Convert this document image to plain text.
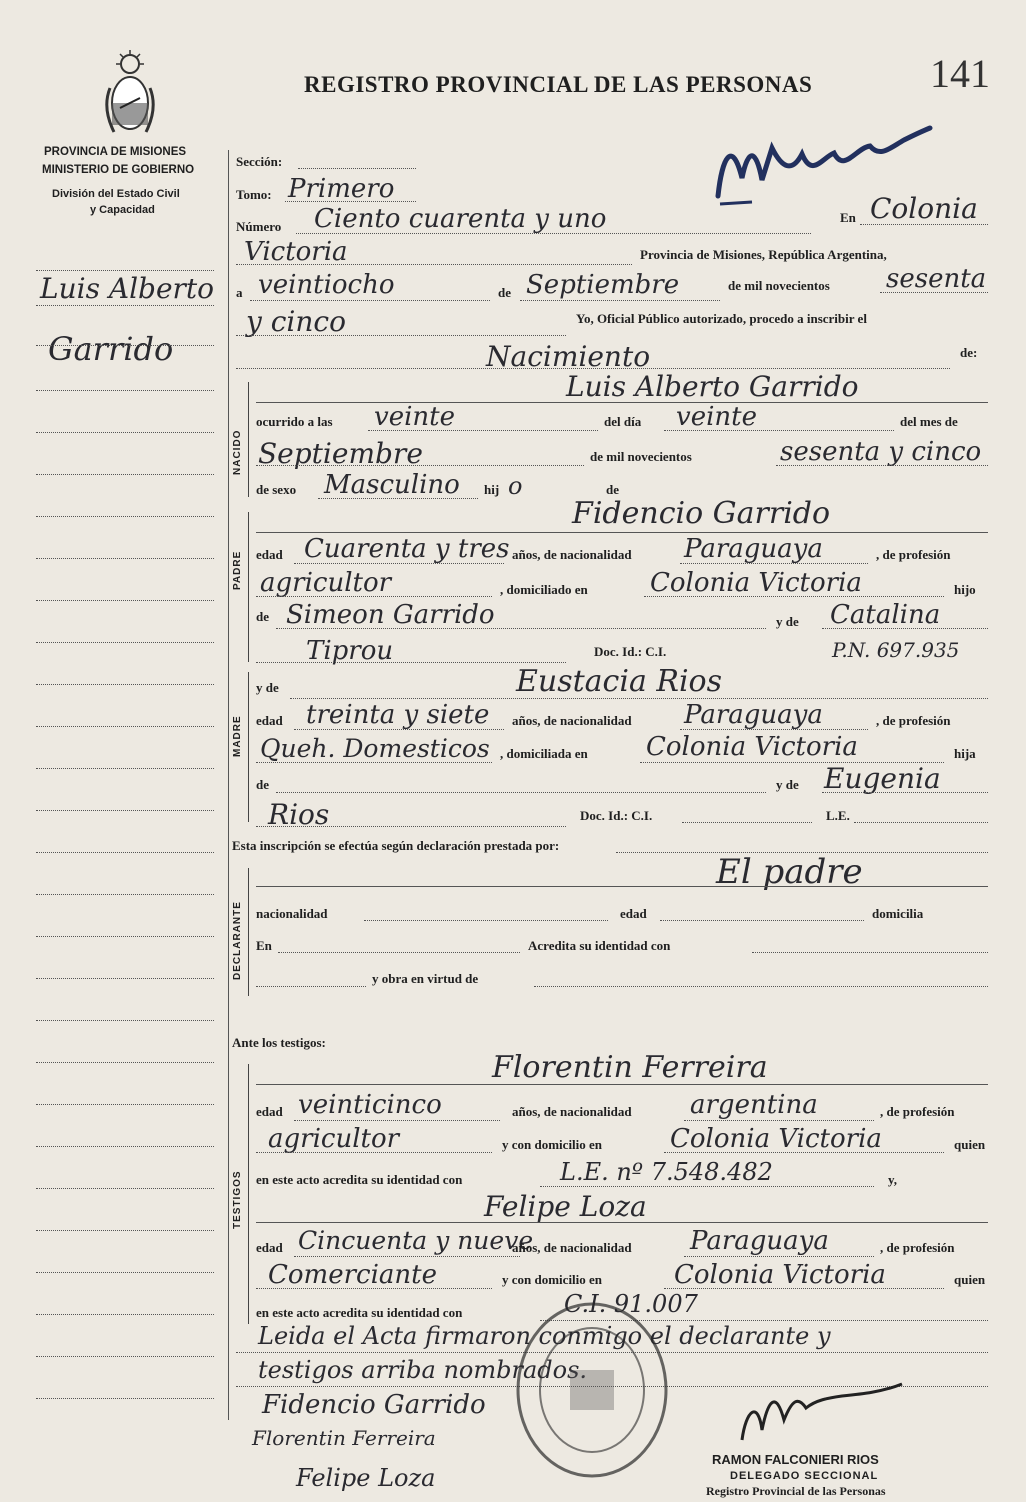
REGISTRO PROVINCIAL DE LAS PERSONAS	141
PROVINCIA DE MISIONES
MINISTERIO DE GOBIERNO
División del Estado Civil
y Capacidad
Luis Alberto
Garrido
Sección:
Tomo: Primero
Número Ciento cuarenta y uno	En Colonia
Victoria	Provincia de Misiones, República Argentina,
a veintiocho	de Septiembre	de mil novecientos sesenta
y cinco	Yo, Oficial Público autorizado, procedo a inscribir el
Nacimiento	de:
Luis Alberto Garrido
NACIDO
ocurrido a las veinte	del día veinte	del mes de
Septiembre	de mil novecientos	sesenta y cinco
de sexo Masculino hij o	de
Fidencio Garrido
PADRE	edad Cuarenta y tres años, de nacionalidad Paraguaya	, de profesión
agricultor	, domiciliado en Colonia Victoria	hijo
de Simeon Garrido	y de Catalina
Tiprou	Doc. Id.: C.I.	P.N. 697.935
y de	Eustacia Rios
MADRE	edad treinta y siete años, de nacionalidad Paraguaya	, de profesión
Queh. Domesticos , domiciliada en Colonia Victoria	hija
de	y de Eugenia
Rios	Doc. Id.: C.I.	L.E.
Esta inscripción se efectúa según declaración prestada por:
El padre
DECLARANTE	nacionalidad	edad	domicilia
En	Acredita su identidad con
y obra en virtud de
Ante los testigos:
Florentin Ferreira
TESTIGOS
edad veinticinco	años, de nacionalidad argentina	, de profesión
agricultor	y con domicilio en	Colonia Victoria	quien
en este acto acredita su identidad con	L.E. nº 7.548.482	y,
Felipe Loza
edad Cincuenta y nueve
años, de nacionalidad Paraguaya	, de profesión
Comerciante	y con domicilio en	Colonia Victoria	quien
en este acto acredita su identidad con	C.I. 91.007
Leida el Acta firmaron conmigo el declarante y
testigos arriba nombrados.
Fidencio Garrido
Florentin Ferreira
Felipe Loza
RAMON FALCONIERI RIOS
DELEGADO SECCIONAL
Registro Provincial de las Personas
